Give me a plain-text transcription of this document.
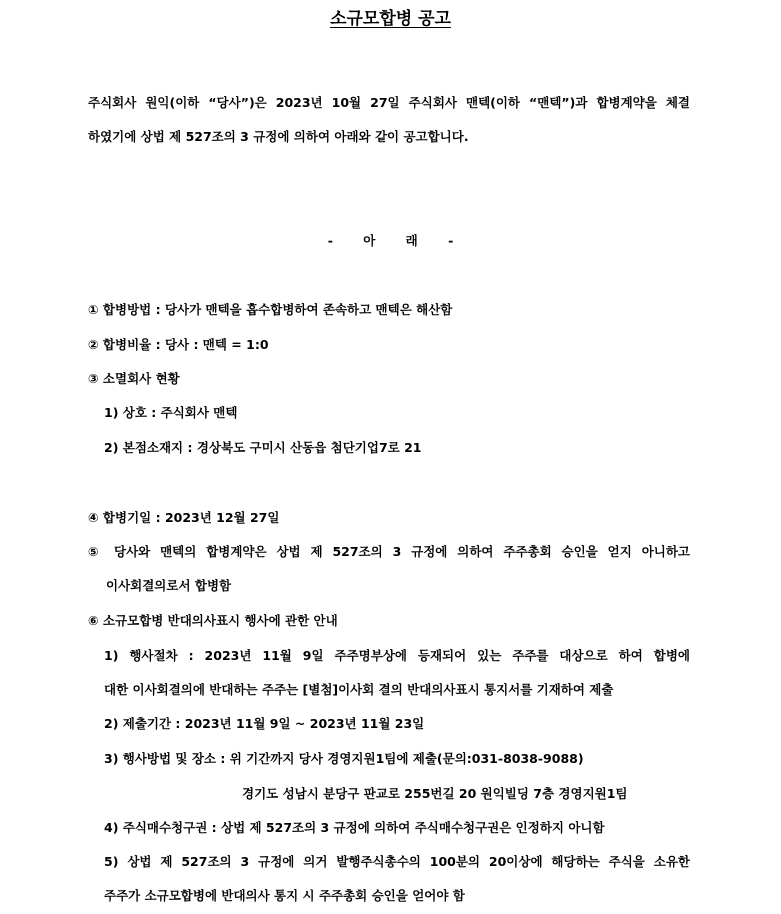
소규모합병 공고
주식회사 원익(이하 “당사”)은 2023년 10월 27일 주식회사 맨텍(이하 “맨텍”)과 합병계약을 체결
하였기에 상법 제 527조의 3 규정에 의하여 아래와 같이 공고합니다.
- 아 래 -
① 합병방법 : 당사가 맨텍을 흡수합병하여 존속하고 맨텍은 해산함
② 합병비율 : 당사 : 맨텍 = 1:0
③ 소멸회사 현황
1) 상호 : 주식회사 맨텍
2) 본점소재지 : 경상북도 구미시 산동읍 첨단기업7로 21
④ 합병기일 : 2023년 12월 27일
⑤ 당사와 맨텍의 합병계약은 상법 제 527조의 3 규정에 의하여 주주총회 승인을 얻지 아니하고
이사회결의로서 합병함
⑥ 소규모합병 반대의사표시 행사에 관한 안내
1) 행사절차 : 2023년 11월 9일 주주명부상에 등재되어 있는 주주를 대상으로 하여 합병에
대한 이사회결의에 반대하는 주주는 [별첨]이사회 결의 반대의사표시 통지서를 기재하여 제출
2) 제출기간 : 2023년 11월 9일 ~ 2023년 11월 23일
3) 행사방법 및 장소 : 위 기간까지 당사 경영지원1팀에 제출(문의:031-8038-9088)
경기도 성남시 분당구 판교로 255번길 20 원익빌딩 7층 경영지원1팀
4) 주식매수청구권 : 상법 제 527조의 3 규정에 의하여 주식매수청구권은 인정하지 아니함
5) 상법 제 527조의 3 규정에 의거 발행주식총수의 100분의 20이상에 해당하는 주식을 소유한
주주가 소규모합병에 반대의사 통지 시 주주총회 승인을 얻어야 함
